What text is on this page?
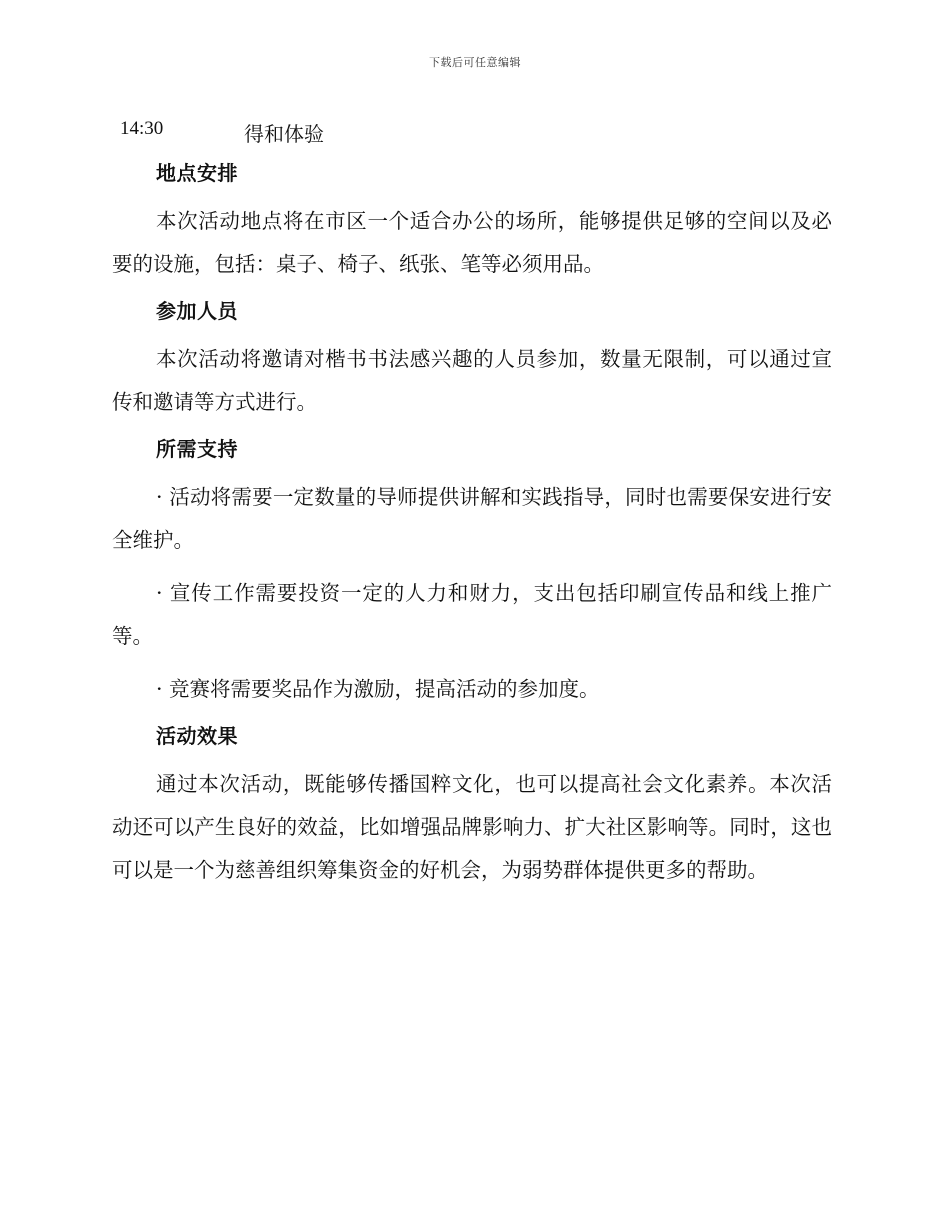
下载后可任意编辑
14:30	得和体验
地点安排

本次活动地点将在市区一个适合办公的场所，能够提供足够的空间以及必要的设施，包括：桌子、椅子、纸张、笔等必须用品。

参加人员

本次活动将邀请对楷书书法感兴趣的人员参加，数量无限制，可以通过宣传和邀请等方式进行。

所需支持

· 活动将需要一定数量的导师提供讲解和实践指导，同时也需要保安进行安全维护。

· 宣传工作需要投资一定的人力和财力，支出包括印刷宣传品和线上推广等。

· 竞赛将需要奖品作为激励，提高活动的参加度。

活动效果

通过本次活动，既能够传播国粹文化，也可以提高社会文化素养。本次活动还可以产生良好的效益，比如增强品牌影响力、扩大社区影响等。同时，这也可以是一个为慈善组织筹集资金的好机会，为弱势群体提供更多的帮助。
